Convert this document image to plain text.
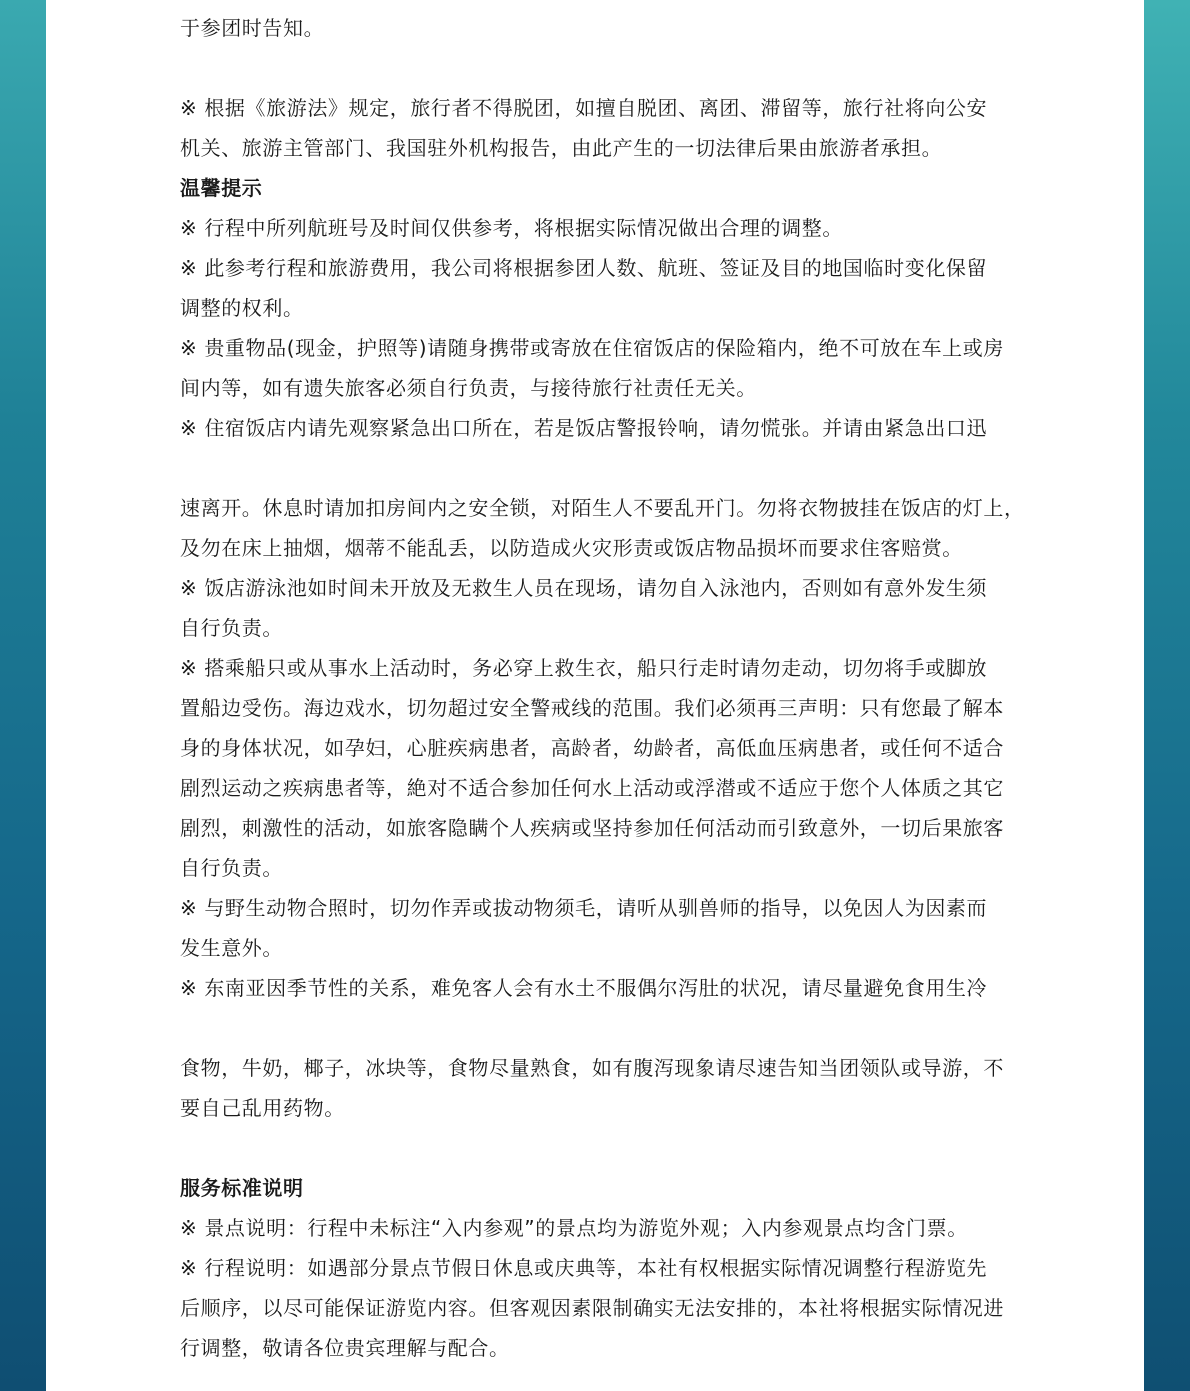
于参团时告知。
※ 根据《旅游法》规定，旅行者不得脱团，如擅自脱团、离团、滞留等，旅行社将向公安
机关、旅游主管部门、我国驻外机构报告，由此产生的一切法律后果由旅游者承担。
温馨提示
※ 行程中所列航班号及时间仅供参考，将根据实际情况做出合理的调整。
※ 此参考行程和旅游费用，我公司将根据参团人数、航班、签证及目的地国临时变化保留
调整的权利。
※ 贵重物品(现金，护照等)请随身携带或寄放在住宿饭店的保险箱内，绝不可放在车上或房
间内等，如有遗失旅客必须自行负责，与接待旅行社责任无关。
※ 住宿饭店内请先观察紧急出口所在，若是饭店警报铃响，请勿慌张。并请由紧急出口迅
速离开。休息时请加扣房间内之安全锁，对陌生人不要乱开门。勿将衣物披挂在饭店的灯上，
及勿在床上抽烟，烟蒂不能乱丢，以防造成火灾形责或饭店物品损坏而要求住客赔赏。
※ 饭店游泳池如时间未开放及无救生人员在现场，请勿自入泳池内，否则如有意外发生须
自行负责。
※ 搭乘船只或从事水上活动时，务必穿上救生衣，船只行走时请勿走动，切勿将手或脚放
置船边受伤。海边戏水，切勿超过安全警戒线的范围。我们必须再三声明：只有您最了解本
身的身体状况，如孕妇，心脏疾病患者，高龄者，幼龄者，高低血压病患者，或任何不适合
剧烈运动之疾病患者等，絶对不适合参加任何水上活动或浮潜或不适应于您个人体质之其它
剧烈，刺激性的活动，如旅客隐瞒个人疾病或坚持参加任何活动而引致意外，一切后果旅客
自行负责。
※ 与野生动物合照时，切勿作弄或拔动物须毛，请听从驯兽师的指导，以免因人为因素而
发生意外。
※ 东南亚因季节性的关系，难免客人会有水土不服偶尔泻肚的状况，请尽量避免食用生冷
食物，牛奶，椰子，冰块等，食物尽量熟食，如有腹泻现象请尽速告知当团领队或导游，不
要自己乱用药物。
服务标准说明
※ 景点说明：行程中未标注“入内参观”的景点均为游览外观；入内参观景点均含门票。
※ 行程说明：如遇部分景点节假日休息或庆典等，本社有权根据实际情况调整行程游览先
后顺序，以尽可能保证游览内容。但客观因素限制确实无法安排的，本社将根据实际情况进
行调整，敬请各位贵宾理解与配合。
